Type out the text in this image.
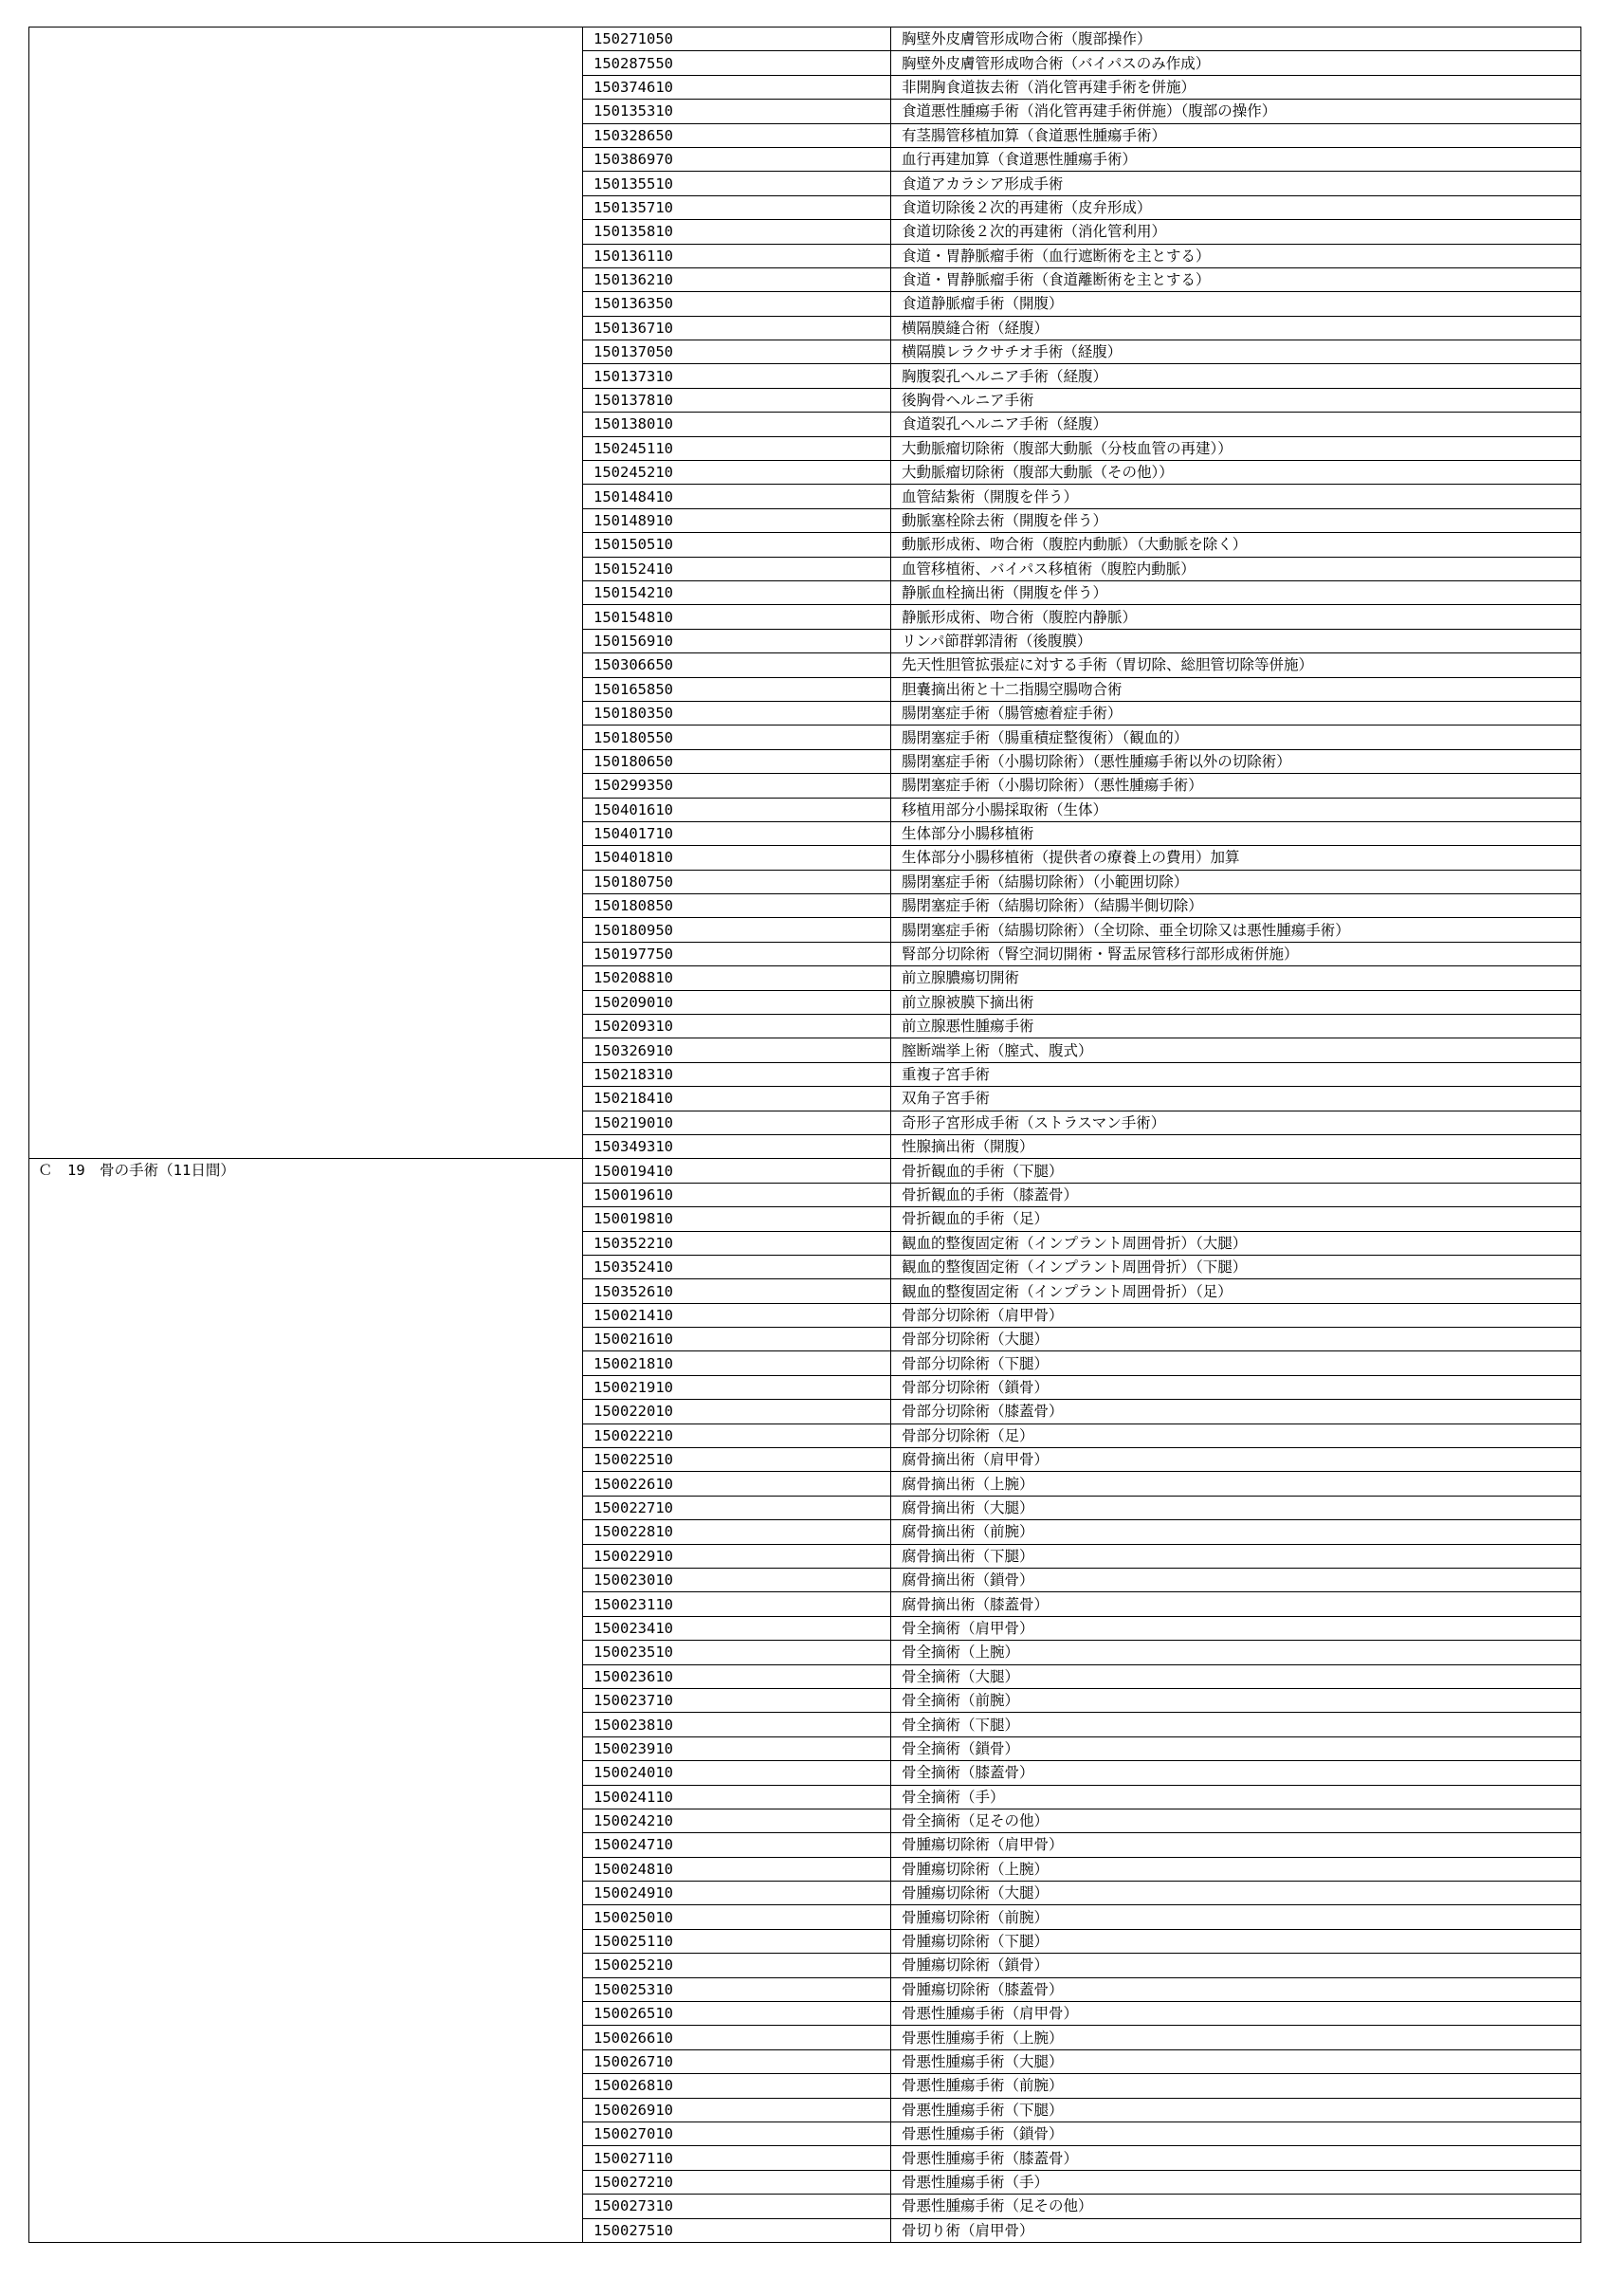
	150271050	胸壁外皮膚管形成吻合術（腹部操作）
	150287550	胸壁外皮膚管形成吻合術（バイパスのみ作成）
	150374610	非開胸食道抜去術（消化管再建手術を併施）
	150135310	食道悪性腫瘍手術（消化管再建手術併施）（腹部の操作）
	150328650	有茎腸管移植加算（食道悪性腫瘍手術）
	150386970	血行再建加算（食道悪性腫瘍手術）
	150135510	食道アカラシア形成手術
	150135710	食道切除後２次的再建術（皮弁形成）
	150135810	食道切除後２次的再建術（消化管利用）
	150136110	食道・胃静脈瘤手術（血行遮断術を主とする）
	150136210	食道・胃静脈瘤手術（食道離断術を主とする）
	150136350	食道静脈瘤手術（開腹）
	150136710	横隔膜縫合術（経腹）
	150137050	横隔膜レラクサチオ手術（経腹）
	150137310	胸腹裂孔ヘルニア手術（経腹）
	150137810	後胸骨ヘルニア手術
	150138010	食道裂孔ヘルニア手術（経腹）
	150245110	大動脈瘤切除術（腹部大動脈（分枝血管の再建））
	150245210	大動脈瘤切除術（腹部大動脈（その他））
	150148410	血管結紮術（開腹を伴う）
	150148910	動脈塞栓除去術（開腹を伴う）
	150150510	動脈形成術、吻合術（腹腔内動脈）（大動脈を除く）
	150152410	血管移植術、バイパス移植術（腹腔内動脈）
	150154210	静脈血栓摘出術（開腹を伴う）
	150154810	静脈形成術、吻合術（腹腔内静脈）
	150156910	リンパ節群郭清術（後腹膜）
	150306650	先天性胆管拡張症に対する手術（胃切除、総胆管切除等併施）
	150165850	胆嚢摘出術と十二指腸空腸吻合術
	150180350	腸閉塞症手術（腸管癒着症手術）
	150180550	腸閉塞症手術（腸重積症整復術）（観血的）
	150180650	腸閉塞症手術（小腸切除術）（悪性腫瘍手術以外の切除術）
	150299350	腸閉塞症手術（小腸切除術）（悪性腫瘍手術）
	150401610	移植用部分小腸採取術（生体）
	150401710	生体部分小腸移植術
	150401810	生体部分小腸移植術（提供者の療養上の費用）加算
	150180750	腸閉塞症手術（結腸切除術）（小範囲切除）
	150180850	腸閉塞症手術（結腸切除術）（結腸半側切除）
	150180950	腸閉塞症手術（結腸切除術）（全切除、亜全切除又は悪性腫瘍手術）
	150197750	腎部分切除術（腎空洞切開術・腎盂尿管移行部形成術併施）
	150208810	前立腺膿瘍切開術
	150209010	前立腺被膜下摘出術
	150209310	前立腺悪性腫瘍手術
	150326910	膣断端挙上術（膣式、腹式）
	150218310	重複子宮手術
	150218410	双角子宮手術
	150219010	奇形子宮形成手術（ストラスマン手術）
	150349310	性腺摘出術（開腹）
Ｃ　19　骨の手術（11日間）	150019410	骨折観血的手術（下腿）
	150019610	骨折観血的手術（膝蓋骨）
	150019810	骨折観血的手術（足）
	150352210	観血的整復固定術（インプラント周囲骨折）（大腿）
	150352410	観血的整復固定術（インプラント周囲骨折）（下腿）
	150352610	観血的整復固定術（インプラント周囲骨折）（足）
	150021410	骨部分切除術（肩甲骨）
	150021610	骨部分切除術（大腿）
	150021810	骨部分切除術（下腿）
	150021910	骨部分切除術（鎖骨）
	150022010	骨部分切除術（膝蓋骨）
	150022210	骨部分切除術（足）
	150022510	腐骨摘出術（肩甲骨）
	150022610	腐骨摘出術（上腕）
	150022710	腐骨摘出術（大腿）
	150022810	腐骨摘出術（前腕）
	150022910	腐骨摘出術（下腿）
	150023010	腐骨摘出術（鎖骨）
	150023110	腐骨摘出術（膝蓋骨）
	150023410	骨全摘術（肩甲骨）
	150023510	骨全摘術（上腕）
	150023610	骨全摘術（大腿）
	150023710	骨全摘術（前腕）
	150023810	骨全摘術（下腿）
	150023910	骨全摘術（鎖骨）
	150024010	骨全摘術（膝蓋骨）
	150024110	骨全摘術（手）
	150024210	骨全摘術（足その他）
	150024710	骨腫瘍切除術（肩甲骨）
	150024810	骨腫瘍切除術（上腕）
	150024910	骨腫瘍切除術（大腿）
	150025010	骨腫瘍切除術（前腕）
	150025110	骨腫瘍切除術（下腿）
	150025210	骨腫瘍切除術（鎖骨）
	150025310	骨腫瘍切除術（膝蓋骨）
	150026510	骨悪性腫瘍手術（肩甲骨）
	150026610	骨悪性腫瘍手術（上腕）
	150026710	骨悪性腫瘍手術（大腿）
	150026810	骨悪性腫瘍手術（前腕）
	150026910	骨悪性腫瘍手術（下腿）
	150027010	骨悪性腫瘍手術（鎖骨）
	150027110	骨悪性腫瘍手術（膝蓋骨）
	150027210	骨悪性腫瘍手術（手）
	150027310	骨悪性腫瘍手術（足その他）
	150027510	骨切り術（肩甲骨）
